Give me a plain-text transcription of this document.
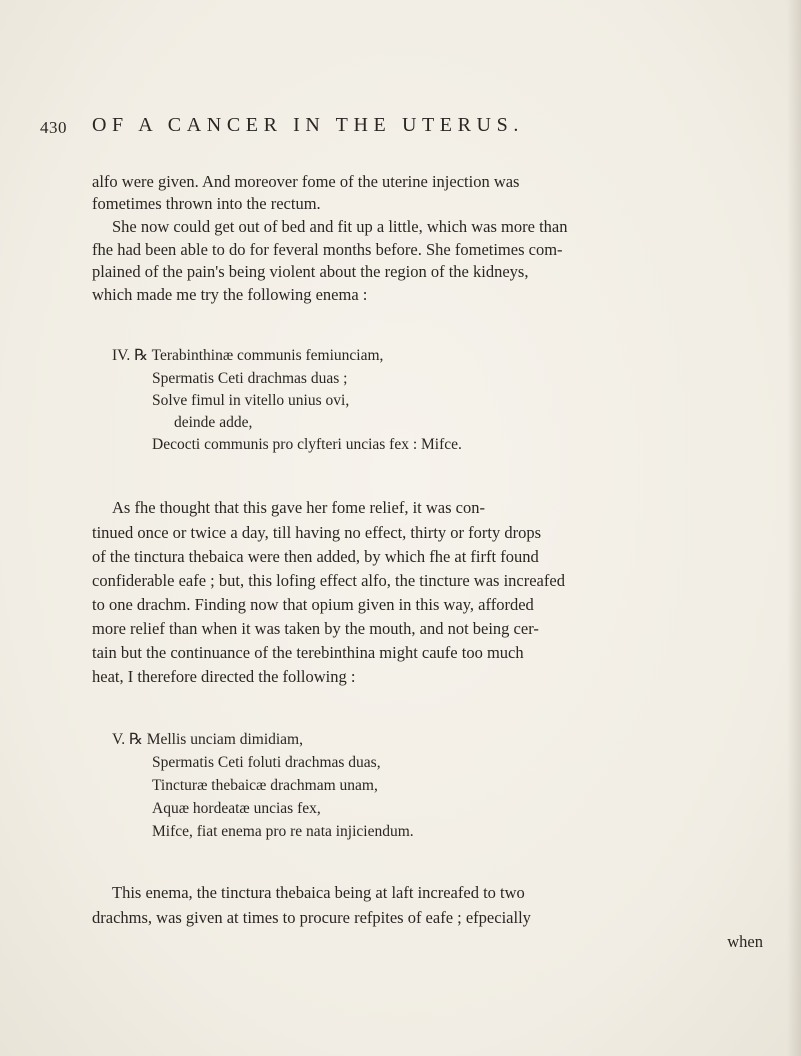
430 OF A CANCER IN THE UTERUS.
alfo were given. And moreover fome of the uterine injection was
fometimes thrown into the rectum.
She now could get out of bed and fit up a little, which was more than
fhe had been able to do for feveral months before. She fometimes com-
plained of the pain's being violent about the region of the kidneys,
which made me try the following enema :
IV. ℞ Terabinthinæ communis femiunciam,
Spermatis Ceti drachmas duas ;
Solve fimul in vitello unius ovi,
deinde adde,
Decocti communis pro clyfteri uncias fex : Mifce.
As fhe thought that this gave her fome relief, it was con-
tinued once or twice a day, till having no effect, thirty or forty drops
of the tinctura thebaica were then added, by which fhe at firft found
confiderable eafe ; but, this lofing effect alfo, the tincture was increafed
to one drachm. Finding now that opium given in this way, afforded
more relief than when it was taken by the mouth, and not being cer-
tain but the continuance of the terebinthina might caufe too much
heat, I therefore directed the following :
V. ℞ Mellis unciam dimidiam,
Spermatis Ceti foluti drachmas duas,
Tincturæ thebaicæ drachmam unam,
Aquæ hordeatæ uncias fex,
Mifce, fiat enema pro re nata injiciendum.
This enema, the tinctura thebaica being at laft increafed to two
drachms, was given at times to procure refpites of eafe ; efpecially
when
